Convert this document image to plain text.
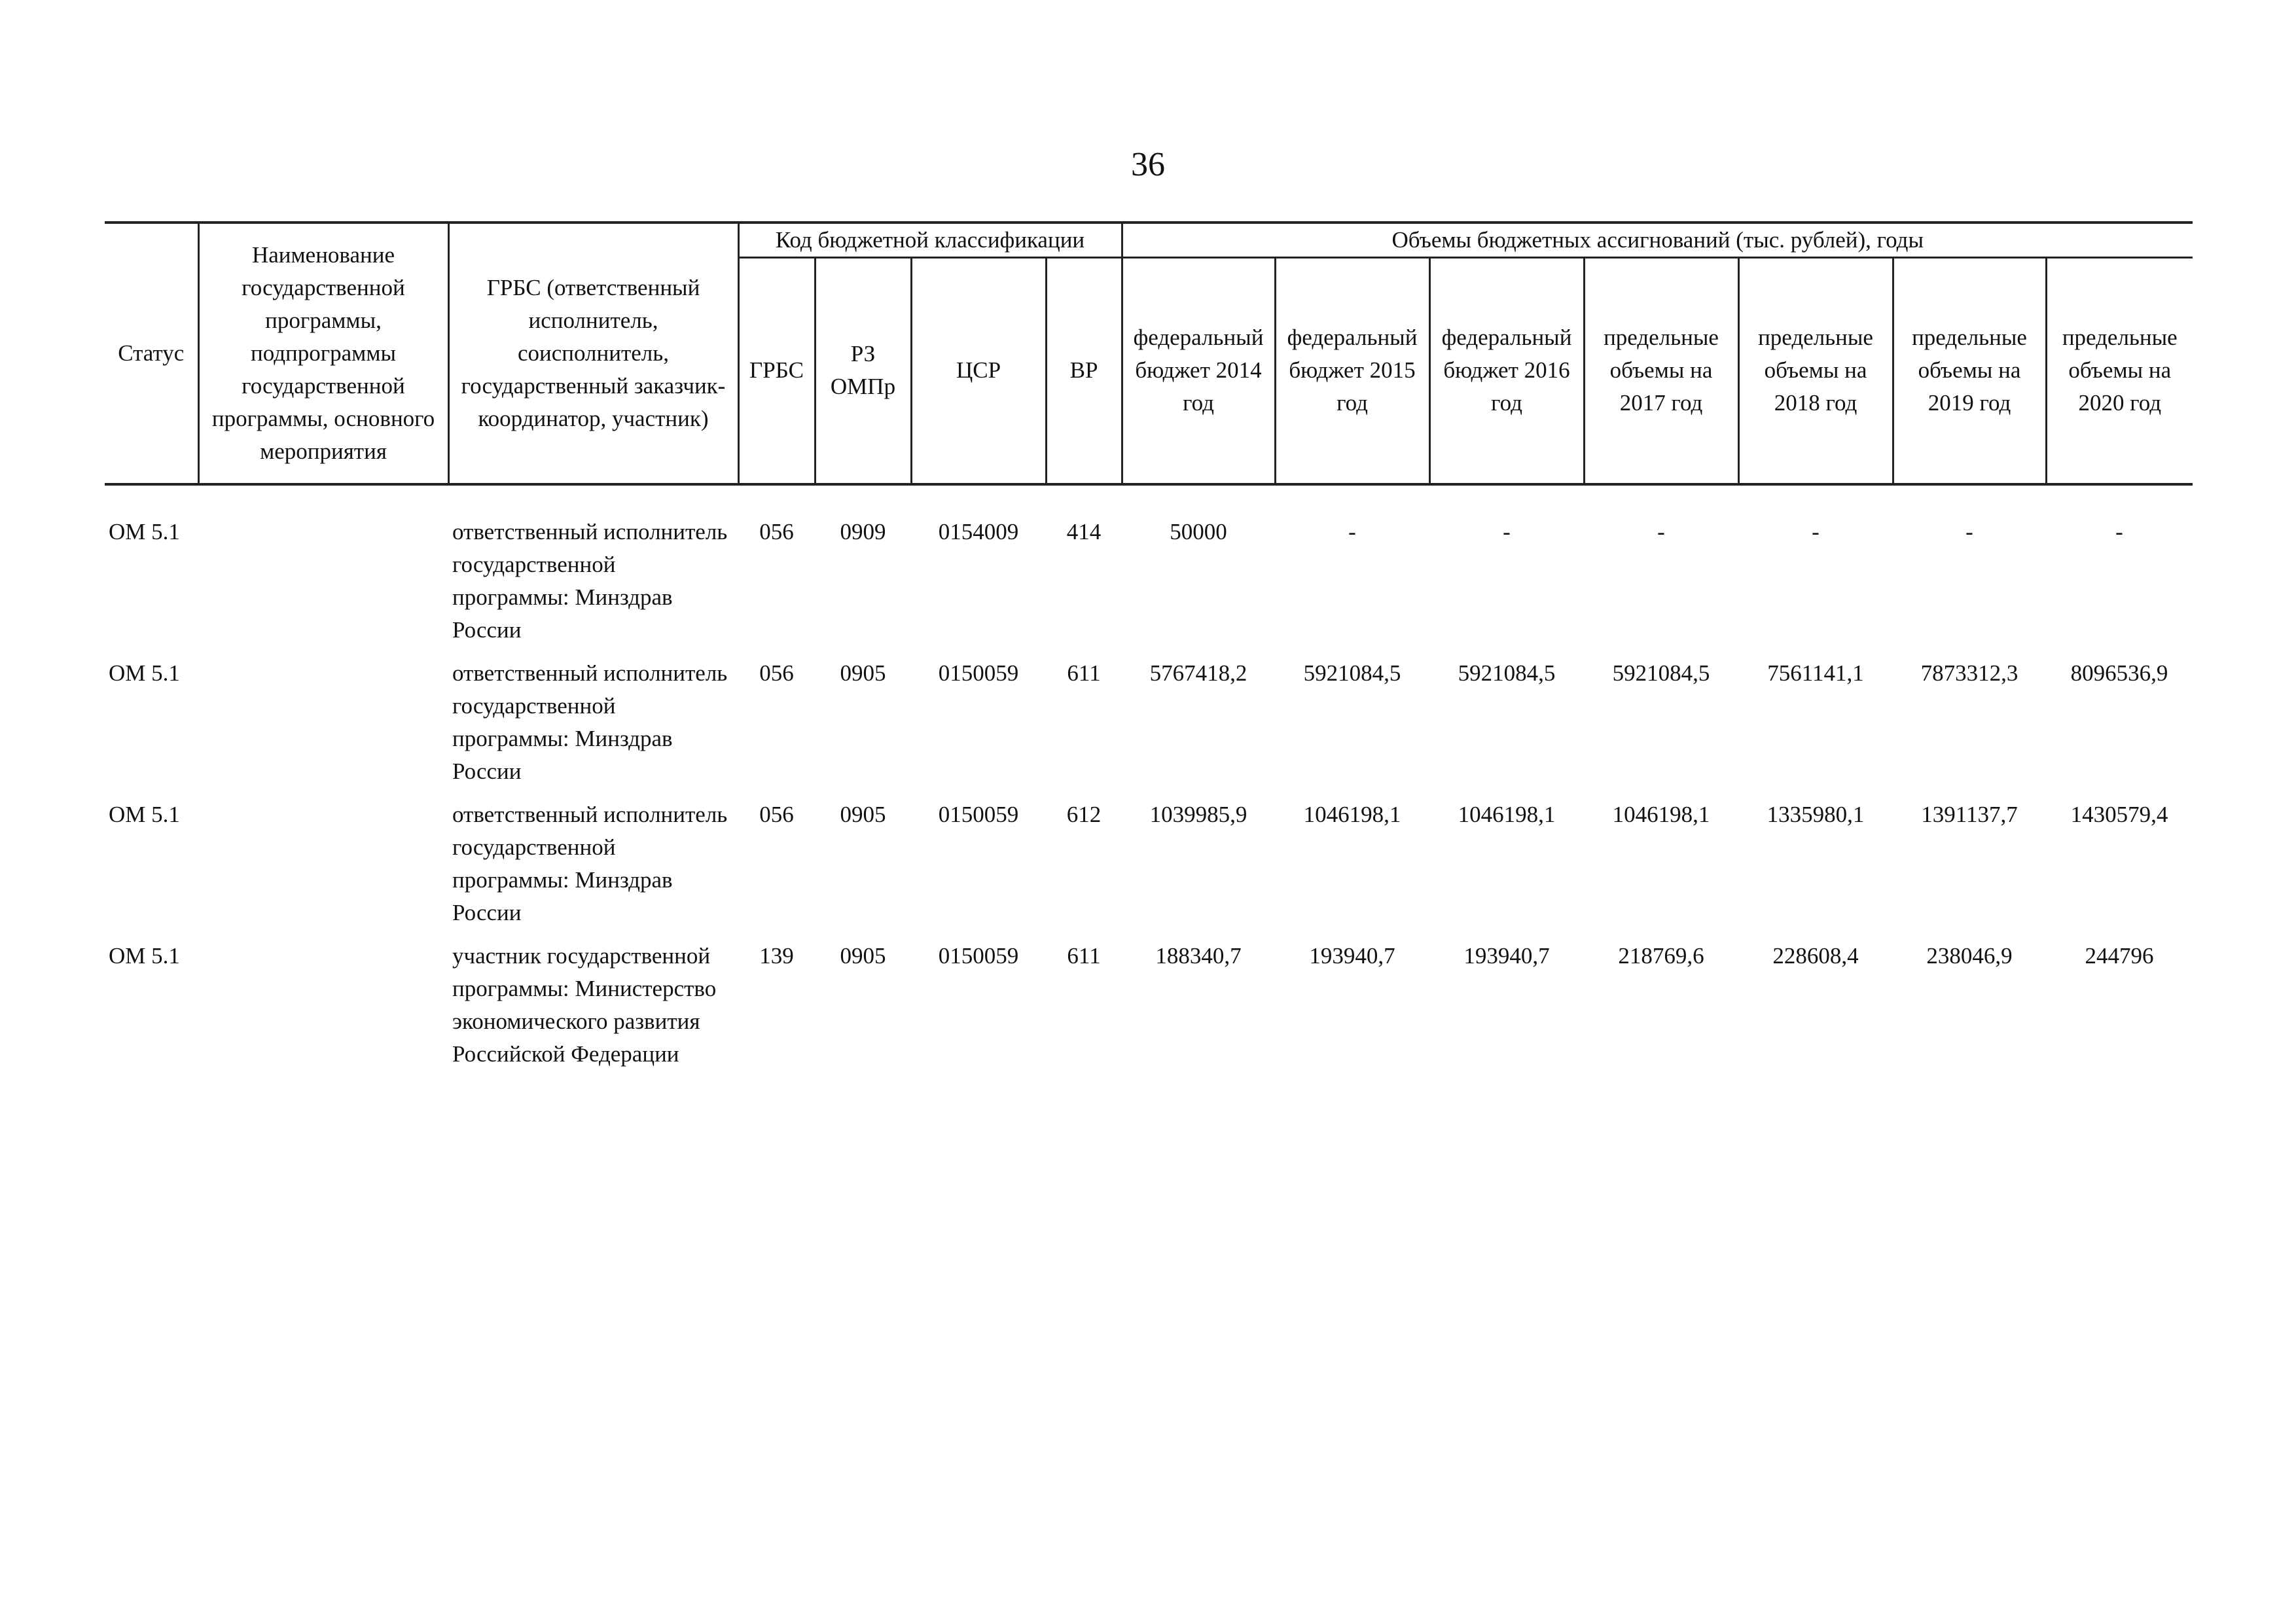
36
Статус	Наименование государственной программы, подпрограммы государственной программы, основного мероприятия	ГРБС (ответственный исполнитель, соисполнитель, государственный заказчик-координатор, участник)	Код бюджетной классификации				Объемы бюджетных ассигнований (тыс. рублей), годы						
			ГРБС	РЗ ОМПр	ЦСР	ВР	федеральный бюджет 2014 год	федеральный бюджет 2015 год	федеральный бюджет 2016 год	предельные объемы на 2017 год	предельные объемы на 2018 год	предельные объемы на 2019 год	предельные объемы на 2020 год
ОМ 5.1		ответственный исполнитель государственной программы: Минздрав России	056	0909	0154009	414	50000	-	-	-	-	-	-
ОМ 5.1		ответственный исполнитель государственной программы: Минздрав России	056	0905	0150059	611	5767418,2	5921084,5	5921084,5	5921084,5	7561141,1	7873312,3	8096536,9
ОМ 5.1		ответственный исполнитель государственной программы: Минздрав России	056	0905	0150059	612	1039985,9	1046198,1	1046198,1	1046198,1	1335980,1	1391137,7	1430579,4
ОМ 5.1		участник государственной программы: Министерство экономического развития Российской Федерации	139	0905	0150059	611	188340,7	193940,7	193940,7	218769,6	228608,4	238046,9	244796
